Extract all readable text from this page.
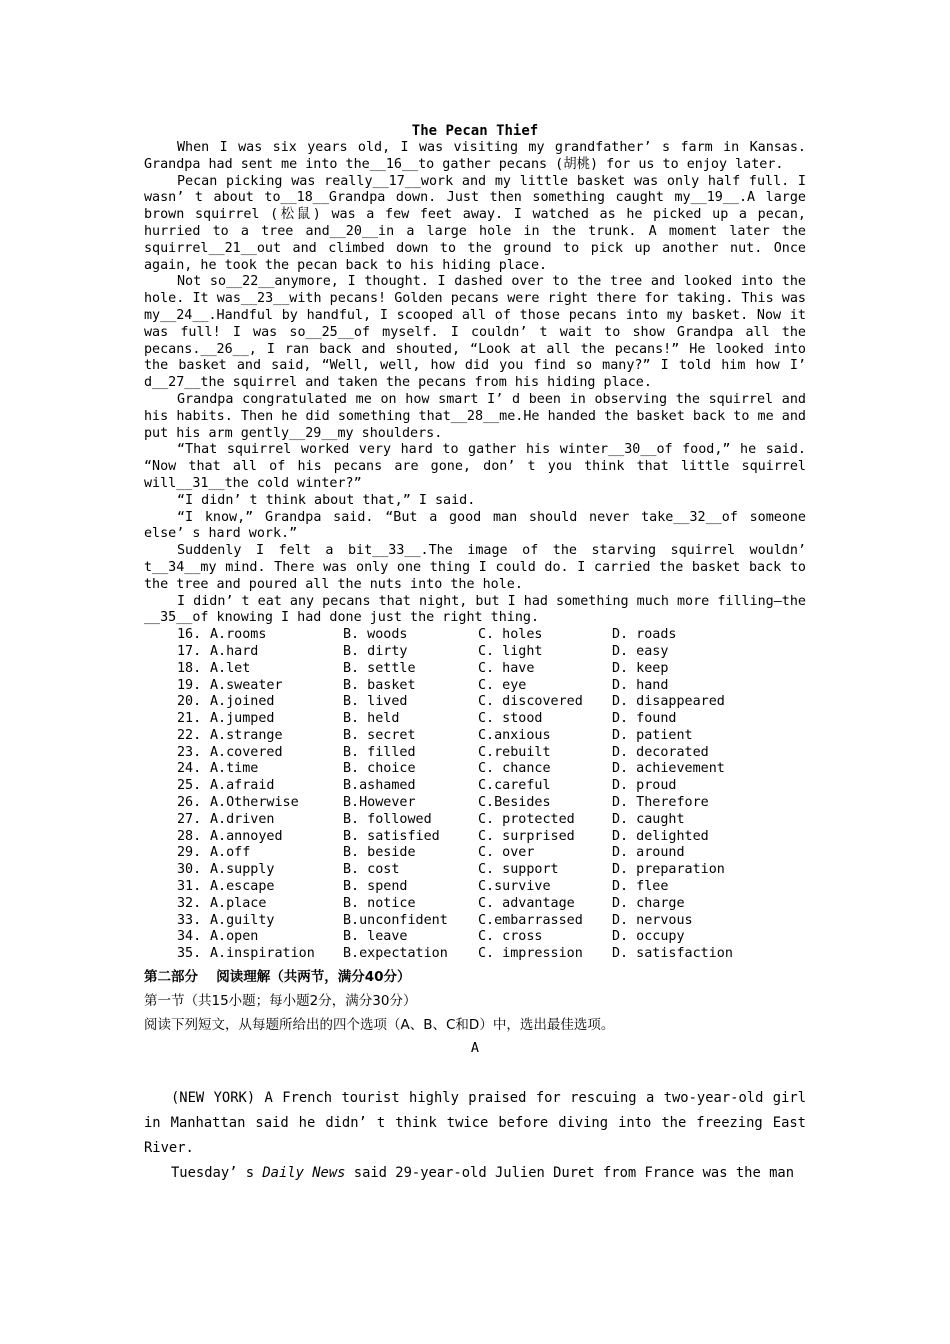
The Pecan Thief

When I was six years old, I was visiting my grandfather’ s farm in Kansas. Grandpa had sent me into the__16__to gather pecans (胡桃) for us to enjoy later.

Pecan picking was really__17__work and my little basket was only half full. I wasn’ t about to__18__Grandpa down. Just then something caught my__19__.A large brown squirrel (松鼠) was a few feet away. I watched as he picked up a pecan, hurried to a tree and__20__in a large hole in the trunk. A moment later the squirrel__21__out and climbed down to the ground to pick up another nut. Once again, he took the pecan back to his hiding place.

Not so__22__anymore, I thought. I dashed over to the tree and looked into the hole. It was__23__with pecans! Golden pecans were right there for taking. This was my__24__.Handful by handful, I scooped all of those pecans into my basket. Now it was full! I was so__25__of myself. I couldn’ t wait to show Grandpa all the pecans.__26__, I ran back and shouted, “Look at all the pecans!” He looked into the basket and said, “Well, well, how did you find so many?” I told him how I’ d__27__the squirrel and taken the pecans from his hiding place.

Grandpa congratulated me on how smart I’ d been in observing the squirrel and his habits. Then he did something that__28__me.He handed the basket back to me and put his arm gently__29__my shoulders.

“That squirrel worked very hard to gather his winter__30__of food,” he said. “Now that all of his pecans are gone, don’ t you think that little squirrel will__31__the cold winter?”

“I didn’ t think about that,” I said.

“I know,” Grandpa said. “But a good man should never take__32__of someone else’ s hard work.”

Suddenly I felt a bit__33__.The image of the starving squirrel wouldn’ t__34__my mind. There was only one thing I could do. I carried the basket back to the tree and poured all the nuts into the hole.

I didn’ t eat any pecans that night, but I had something much more filling—the __35__of knowing I had done just the right thing.

16. A.rooms	B. woods	C. holes	D. roads
17. A.hard	B. dirty	C. light	D. easy
18. A.let	B. settle	C. have	D. keep
19. A.sweater	B. basket	C. eye	D. hand
20. A.joined	B. lived	C. discovered	D. disappeared
21. A.jumped	B. held	C. stood	D. found
22. A.strange	B. secret	C.anxious	D. patient
23. A.covered	B. filled	C.rebuilt	D. decorated
24. A.time	B. choice	C. chance	D. achievement
25. A.afraid	B.ashamed	C.careful	D. proud
26. A.Otherwise	B.However	C.Besides	D. Therefore
27. A.driven	B. followed	C. protected	D. caught
28. A.annoyed	B. satisfied	C. surprised	D. delighted
29. A.off	B. beside	C. over	D. around
30. A.supply	B. cost	C. support	D. preparation
31. A.escape	B. spend	C.survive	D. flee
32. A.place	B. notice	C. advantage	D. charge
33. A.guilty	B.unconfident	C.embarrassed	D. nervous
34. A.open	B. leave	C. cross	D. occupy
35. A.inspiration	B.expectation	C. impression	D. satisfaction

第二部分　 阅读理解（共两节，满分40分）

第一节（共15小题；每小题2分，满分30分）

阅读下列短文，从每题所给出的四个选项（A、B、C和D）中，选出最佳选项。

A

(NEW YORK) A French tourist highly praised for rescuing a two-year-old girl in Manhattan said he didn’ t think twice before diving into the freezing East River.

Tuesday’ s Daily News said 29-year-old Julien Duret from France was the man
